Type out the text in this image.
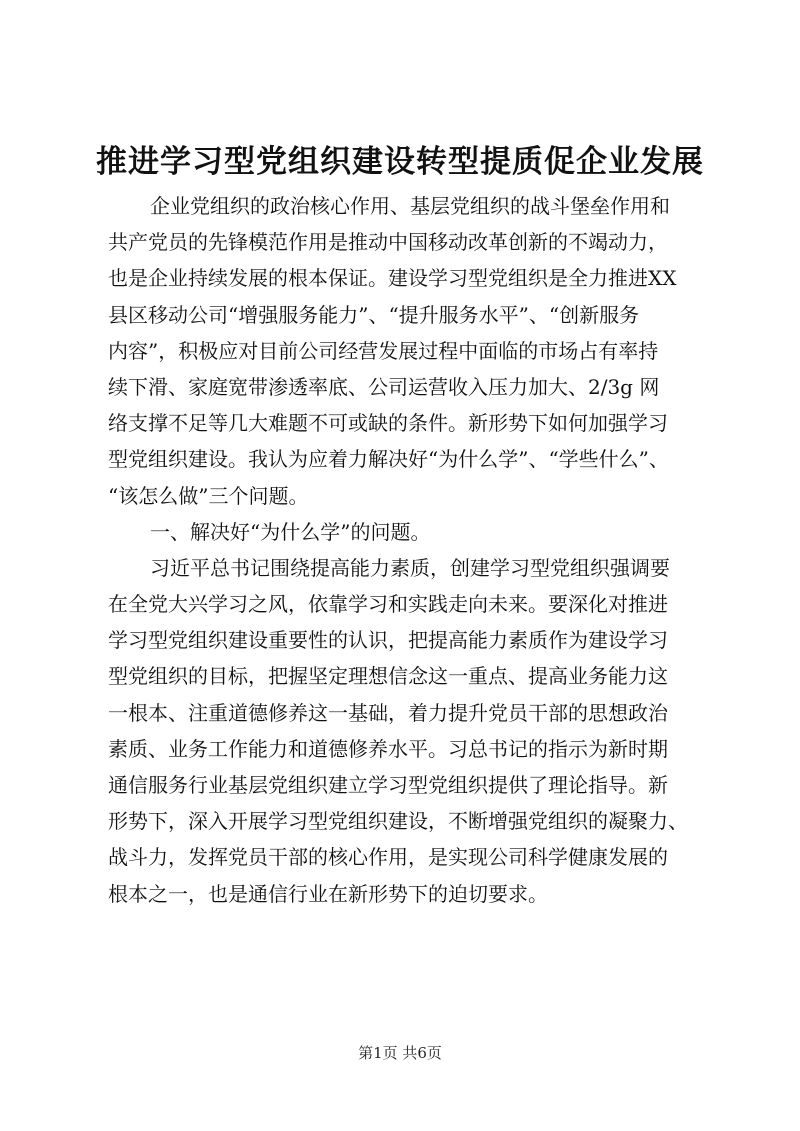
推进学习型党组织建设转型提质促企业发展
企业党组织的政治核心作用、基层党组织的战斗堡垒作用和
共产党员的先锋模范作用是推动中国移动改革创新的不竭动力，
也是企业持续发展的根本保证。建设学习型党组织是全力推进XX
县区移动公司“增强服务能力”、“提升服务水平”、“创新服务
内容”，积极应对目前公司经营发展过程中面临的市场占有率持
续下滑、家庭宽带渗透率底、公司运营收入压力加大、2/3g 网
络支撑不足等几大难题不可或缺的条件。新形势下如何加强学习
型党组织建设。我认为应着力解决好“为什么学”、“学些什么”、
“该怎么做”三个问题。
一、解决好“为什么学”的问题。
习近平总书记围绕提高能力素质，创建学习型党组织强调要
在全党大兴学习之风，依靠学习和实践走向未来。要深化对推进
学习型党组织建设重要性的认识，把提高能力素质作为建设学习
型党组织的目标，把握坚定理想信念这一重点、提高业务能力这
一根本、注重道德修养这一基础，着力提升党员干部的思想政治
素质、业务工作能力和道德修养水平。习总书记的指示为新时期
通信服务行业基层党组织建立学习型党组织提供了理论指导。新
形势下，深入开展学习型党组织建设，不断增强党组织的凝聚力、
战斗力，发挥党员干部的核心作用，是实现公司科学健康发展的
根本之一，也是通信行业在新形势下的迫切要求。
第1页 共6页
